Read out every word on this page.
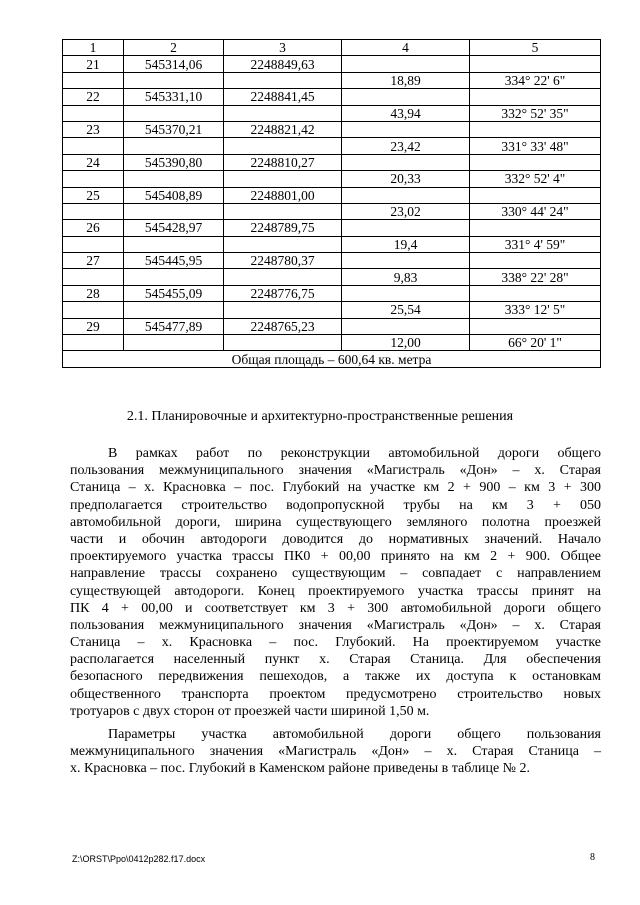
1	2	3	4	5
21	545314,06	2248849,63		
			18,89	334° 22' 6"
22	545331,10	2248841,45		
			43,94	332° 52' 35"
23	545370,21	2248821,42		
			23,42	331° 33' 48"
24	545390,80	2248810,27		
			20,33	332° 52' 4"
25	545408,89	2248801,00		
			23,02	330° 44' 24"
26	545428,97	2248789,75		
			19,4	331° 4' 59"
27	545445,95	2248780,37		
			9,83	338° 22' 28"
28	545455,09	2248776,75		
			25,54	333° 12' 5"
29	545477,89	2248765,23		
			12,00	66° 20' 1"
Общая площадь – 600,64 кв. метра				
2.1. Планировочные и архитектурно-пространственные решения
В рамках работ по реконструкции автомобильной дороги общего
пользования межмуниципального значения «Магистраль «Дон» – х. Старая
Станица – х. Красновка – пос. Глубокий на участке км 2 + 900 – км 3 + 300
предполагается строительство водопропускной трубы на км 3 + 050
автомобильной дороги, ширина существующего земляного полотна проезжей
части и обочин автодороги доводится до нормативных значений. Начало
проектируемого участка трассы ПК0 + 00,00 принято на км 2 + 900. Общее
направление трассы сохранено существующим – совпадает с направлением
существующей автодороги. Конец проектируемого участка трассы принят на
ПК 4 + 00,00 и соответствует км 3 + 300 автомобильной дороги общего
пользования межмуниципального значения «Магистраль «Дон» – х. Старая
Станица – х. Красновка – пос. Глубокий. На проектируемом участке
располагается населенный пункт х. Старая Станица. Для обеспечения
безопасного передвижения пешеходов, а также их доступа к остановкам
общественного транспорта проектом предусмотрено строительство новых
тротуаров с двух сторон от проезжей части шириной 1,50 м.
Параметры участка автомобильной дороги общего пользования
межмуниципального значения «Магистраль «Дон» – х. Старая Станица –
х. Красновка – пос. Глубокий в Каменском районе приведены в таблице № 2.
Z:\ORST\Ppo\0412p282.f17.docx	8
